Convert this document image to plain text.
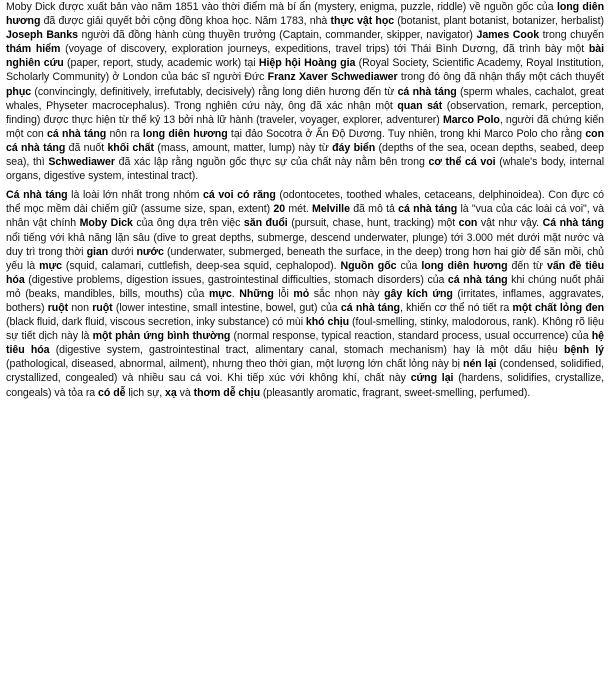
Moby Dick được xuất bản vào năm 1851 vào thời điểm mà bí ẩn (mystery, enigma, puzzle, riddle) về nguồn gốc của long diên hương đã được giải quyết bởi cộng đồng khoa học. Năm 1783, nhà thực vật học (botanist, plant botanist, botanizer, herbalist) Joseph Banks người đã đồng hành cùng thuyền trưởng (Captain, commander, skipper, navigator) James Cook trong chuyến thám hiểm (voyage of discovery, exploration journeys, expeditions, travel trips) tới Thái Bình Dương, đã trình bày một bài nghiên cứu (paper, report, study, academic work) tại Hiệp hội Hoàng gia (Royal Society, Scientific Academy, Royal Institution, Scholarly Community) ở London của bác sĩ người Đức Franz Xaver Schwediawer trong đó ông đã nhận thấy một cách thuyết phục (convincingly, definitively, irrefutably, decisively) rằng long diên hương đến từ cá nhà táng (sperm whales, cachalot, great whales, Physeter macrocephalus). Trong nghiên cứu này, ông đã xác nhận một quan sát (observation, remark, perception, finding) được thực hiện từ thế kỷ 13 bởi nhà lữ hành (traveler, voyager, explorer, adventurer) Marco Polo, người đã chứng kiến một con cá nhà táng nôn ra long diên hương tại đảo Socotra ở Ấn Độ Dương. Tuy nhiên, trong khi Marco Polo cho rằng con cá nhà táng đã nuốt khối chất (mass, amount, matter, lump) này từ đáy biển (depths of the sea, ocean depths, seabed, deep sea), thì Schwediawer đã xác lập rằng nguồn gốc thực sự của chất này nằm bên trong cơ thể cá voi (whale's body, internal organs, digestive system, intestinal tract).

Cá nhà táng là loài lớn nhất trong nhóm cá voi có răng (odontocetes, toothed whales, cetaceans, delphinoidea). Con đực có thể mọc mềm dài chiếm giữ (assume size, span, extent) 20 mét. Melville đã mô tả cá nhà táng là "vua của các loài cá voi", và nhân vật chính Moby Dick của ông dựa trên việc săn đuổi (pursuit, chase, hunt, tracking) một con vật như vậy. Cá nhà táng nổi tiếng với khả năng lặn sâu (dive to great depths, submerge, descend underwater, plunge) tới 3.000 mét dưới mặt nước và duy trì trong thời gian dưới nước (underwater, submerged, beneath the surface, in the deep) trong hơn hai giờ để săn mồi, chủ yếu là mực (squid, calamari, cuttlefish, deep-sea squid, cephalopod). Nguồn gốc của long diên hương đến từ vấn đề tiêu hóa (digestive problems, digestion issues, gastrointestinal difficulties, stomach disorders) của cá nhà táng khi chúng nuốt phải mỏ (beaks, mandibles, bills, mouths) của mực. Những lỗi mỏ sắc nhọn này gây kích ứng (irritates, inflames, aggravates, bothers) ruột non ruột (lower intestine, small intestine, bowel, gut) của cá nhà táng, khiến cơ thể nó tiết ra một chất lỏng đen (black fluid, dark fluid, viscous secretion, inky substance) có mùi khó chịu (foul-smelling, stinky, malodorous, rank). Không rõ liệu sự tiết dịch này là một phản ứng bình thường (normal response, typical reaction, standard process, usual occurrence) của hệ tiêu hóa (digestive system, gastrointestinal tract, alimentary canal, stomach mechanism) hay là một dấu hiệu bệnh lý (pathological, diseased, abnormal, ailment), nhưng theo thời gian, một lượng lớn chất lỏng này bị nén lại (condensed, solidified, crystallized, congealed) và nhiều sau cá voi. Khi tiếp xúc với không khí, chất này cứng lại (hardens, solidifies, crystallize, congeals) và tỏa ra có dễ lịch sự, xạ và thơm dễ chịu (pleasantly aromatic, fragrant, sweet-smelling, perfumed).
